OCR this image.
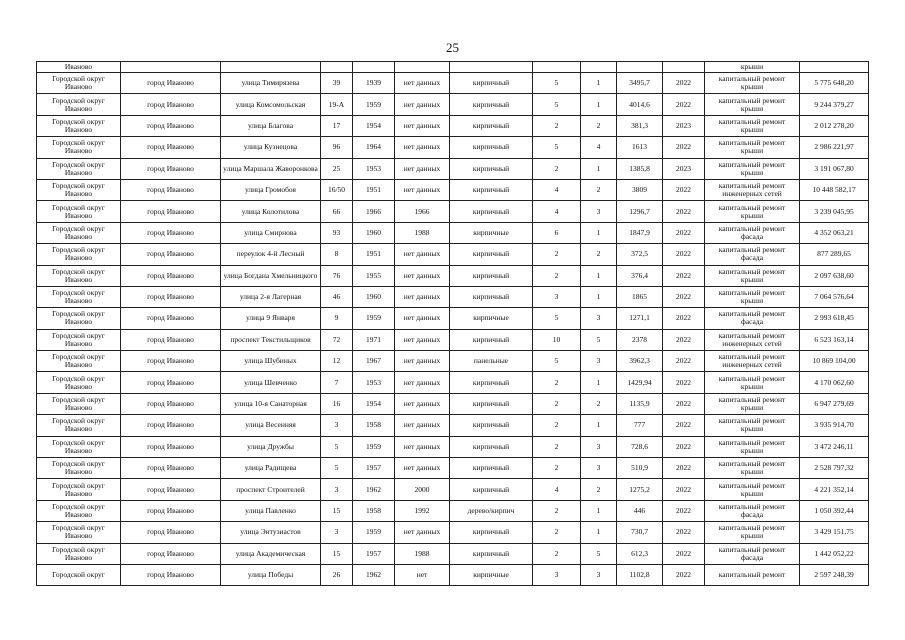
25
Иваново											крыши	
Городской округ Иваново	город Иваново	улица Тимирязева	39	1939	нет данных	кирпичный	5	1	3495,7	2022	капитальный ремонт крыши	5 775 648,20
Городской округ Иваново	город Иваново	улица Комсомольская	19-А	1959	нет данных	кирпичный	5	1	4014,6	2022	капитальный ремонт крыши	9 244 379,27
Городской округ Иваново	город Иваново	улица Благова	17	1954	нет данных	кирпичный	2	2	381,3	2023	капитальный ремонт крыши	2 012 278,20
Городской округ Иваново	город Иваново	улица Кузнецова	96	1964	нет данных	кирпичный	5	4	1613	2022	капитальный ремонт крыши	2 986 221,97
Городской округ Иваново	город Иваново	улица Маршала Жаворонкова	25	1953	нет данных	кирпичный	2	1	1385,8	2023	капитальный ремонт крыши	3 191 067,80
Городской округ Иваново	город Иваново	улица Громобоя	16/50	1951	нет данных	кирпичный	4	2	3809	2022	капитальный ремонт инженерных сетей	10 448 582,17
Городской округ Иваново	город Иваново	улица Колотилова	66	1966	1966	кирпичный	4	3	1296,7	2022	капитальный ремонт крыши	3 239 045,95
Городской округ Иваново	город Иваново	улица Смирнова	93	1960	1988	кирпичные	6	1	1847,9	2022	капитальный ремонт фасада	4 352 063,21
Городской округ Иваново	город Иваново	переулок 4-й Лесный	8	1951	нет данных	кирпичный	2	2	372,5	2022	капитальный ремонт фасада	877 289,65
Городской округ Иваново	город Иваново	улица Богдана Хмельницкого	76	1955	нет данных	кирпичный	2	1	376,4	2022	капитальный ремонт крыши	2 097 638,60
Городской округ Иваново	город Иваново	улица 2-я Лагерная	46	1960	нет данных	кирпичный	3	1	1865	2022	капитальный ремонт крыши	7 064 576,64
Городской округ Иваново	город Иваново	улица 9 Января	9	1959	нет данных	кирпичные	5	3	1271,1	2022	капитальный ремонт фасада	2 993 618,45
Городской округ Иваново	город Иваново	проспект Текстильщиков	72	1971	нет данных	кирпичный	10	5	2378	2022	капитальный ремонт инженерных сетей	6 523 163,14
Городской округ Иваново	город Иваново	улица Шубиных	12	1967	нет данных	панельные	5	3	3962,3	2022	капитальный ремонт инженерных сетей	10 869 104,00
Городской округ Иваново	город Иваново	улица Шевченко	7	1953	нет данных	кирпичный	2	1	1429,94	2022	капитальный ремонт крыши	4 170 062,60
Городской округ Иваново	город Иваново	улица 10-я Санаторная	16	1954	нет данных	кирпичный	2	2	1135,9	2022	капитальный ремонт крыши	6 947 279,69
Городской округ Иваново	город Иваново	улица Весенняя	3	1958	нет данных	кирпичный	2	1	777	2022	капитальный ремонт крыши	3 935 914,70
Городской округ Иваново	город Иваново	улица Дружбы	5	1959	нет данных	кирпичный	2	3	728,6	2022	капитальный ремонт крыши	3 472 246,11
Городской округ Иваново	город Иваново	улица Радищева	5	1957	нет данных	кирпичный	2	3	510,9	2022	капитальный ремонт крыши	2 528 797,32
Городской округ Иваново	город Иваново	проспект Строителей	3	1962	2000	кирпичный	4	2	1275,2	2022	капитальный ремонт крыши	4 221 352,14
Городской округ Иваново	город Иваново	улица Павленко	15	1958	1992	дерево/кирпич	2	1	446	2022	капитальный ремонт фасада	1 050 392,44
Городской округ Иваново	город Иваново	улица Энтузиастов	3	1959	нет данных	кирпичный	2	1	730,7	2022	капитальный ремонт крыши	3 429 151,75
Городской округ Иваново	город Иваново	улица Академическая	15	1957	1988	кирпичный	2	5	612,3	2022	капитальный ремонт фасада	1 442 052,22
Городской округ	город Иваново	улица Победы	26	1962	нет	кирпичные	3	3	1102,8	2022	капитальный ремонт	2 597 248,39
